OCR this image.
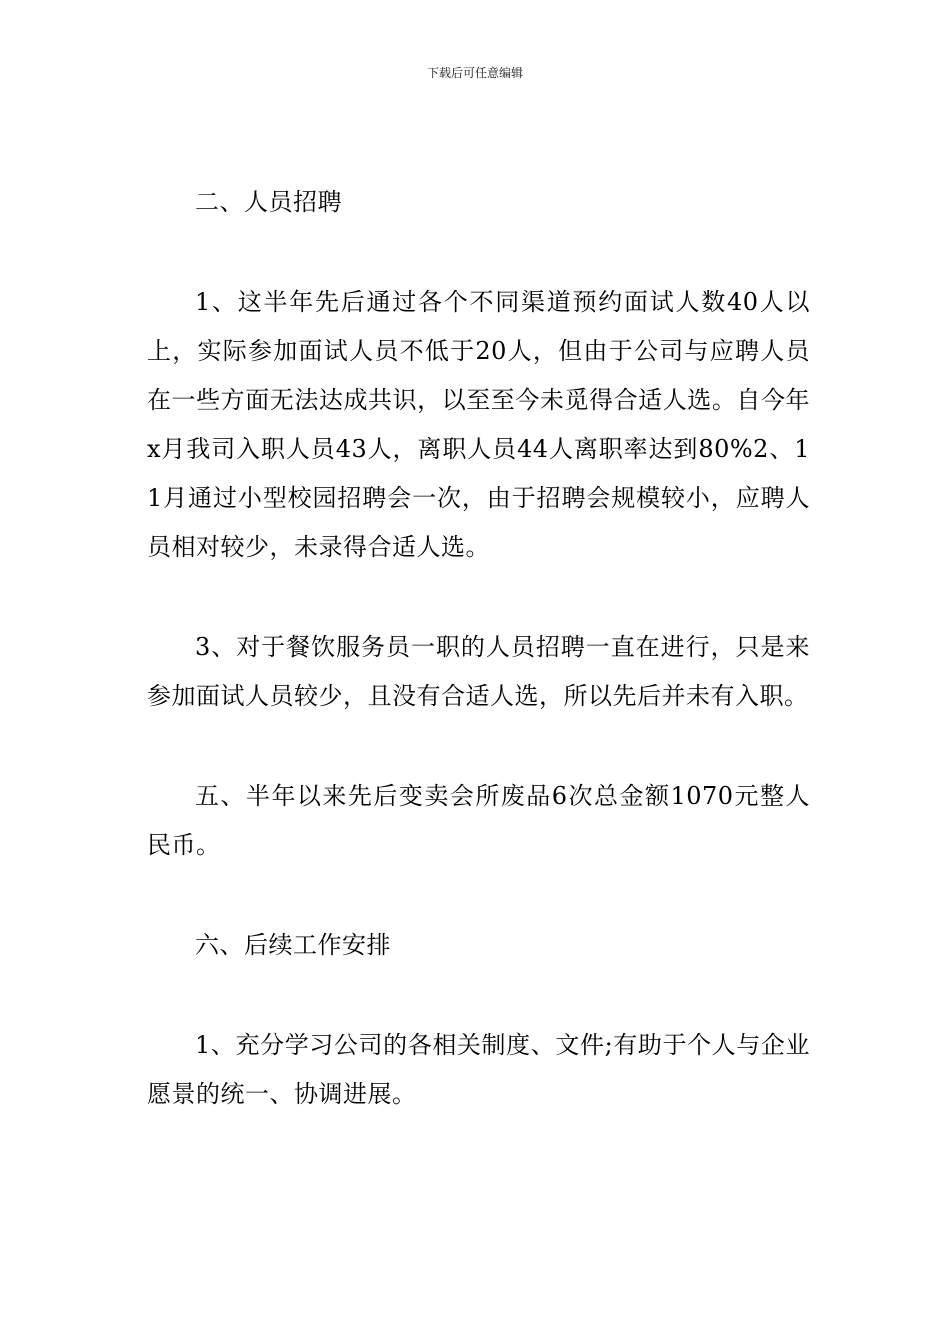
下载后可任意编辑

二、人员招聘

1、这半年先后通过各个不同渠道预约面试人数40人以上，实际参加面试人员不低于20人，但由于公司与应聘人员在一些方面无法达成共识，以至至今未觅得合适人选。自今年x月我司入职人员43人，离职人员44人离职率达到80%2、11月通过小型校园招聘会一次，由于招聘会规模较小，应聘人员相对较少，未录得合适人选。

3、对于餐饮服务员一职的人员招聘一直在进行，只是来参加面试人员较少，且没有合适人选，所以先后并未有入职。

五、半年以来先后变卖会所废品6次总金额1070元整人民币。

六、后续工作安排

1、充分学习公司的各相关制度、文件;有助于个人与企业愿景的统一、协调进展。
